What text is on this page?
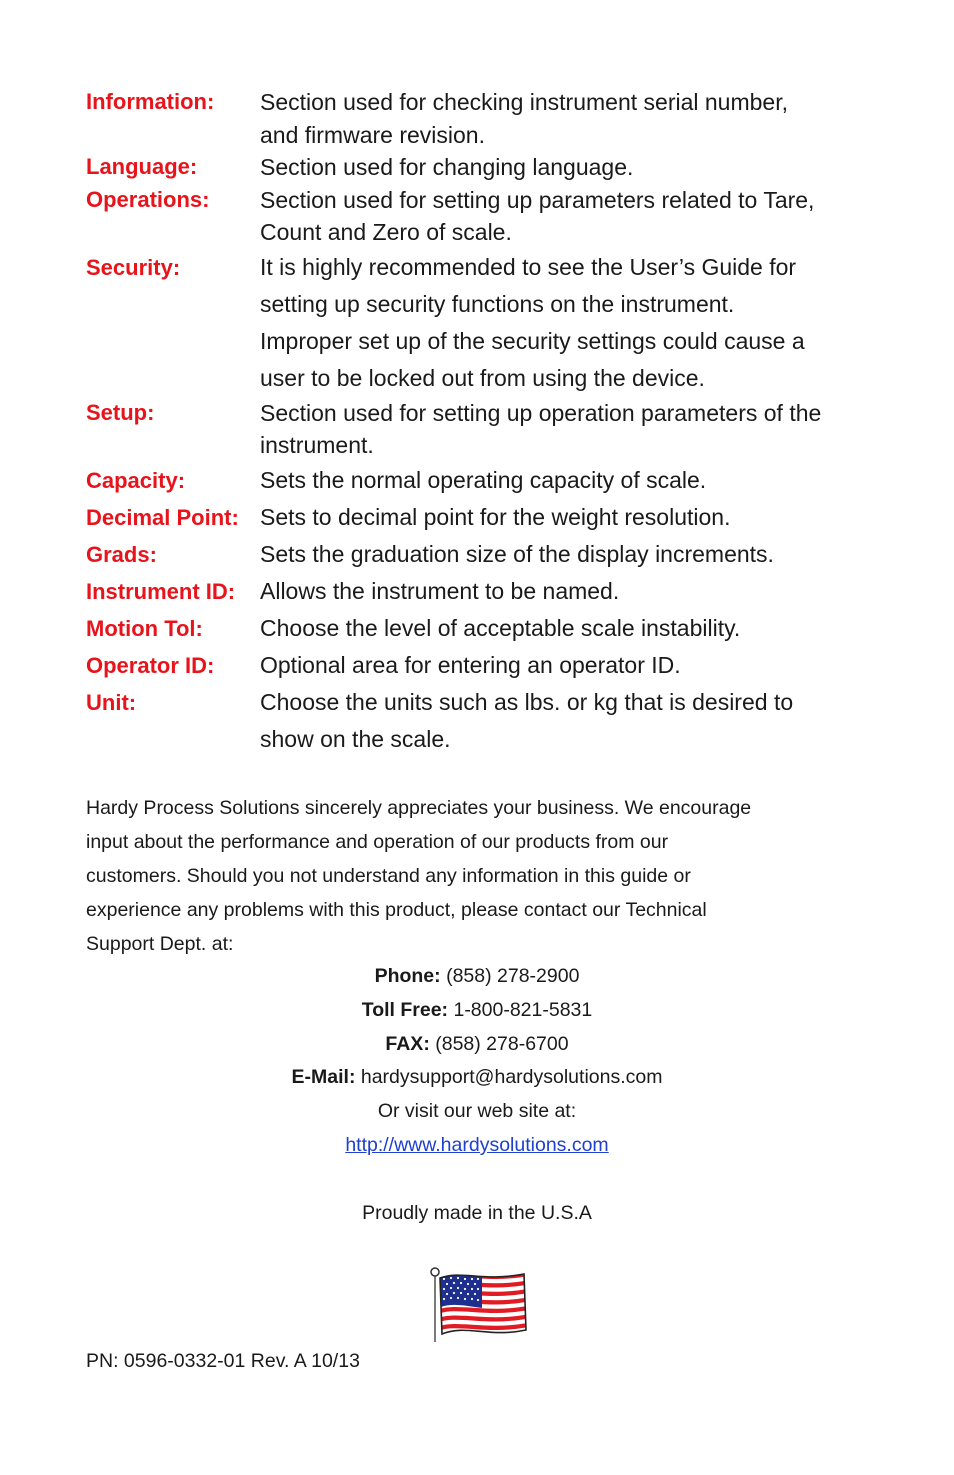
Information:	Section used for checking instrument serial number,
and firmware revision.
Language:	Section used for changing language.
Operations:	Section used for setting up parameters related to Tare,
Count and Zero of scale.
Security:	It is highly recommended to see the User’s Guide for
setting up security functions on the instrument.
Improper set up of the security settings could cause a
user to be locked out from using the device.
Setup:	Section used for setting up operation parameters of the
instrument.
Capacity:	Sets the normal operating capacity of scale.
Decimal Point: Sets to decimal point for the weight resolution.
Grads:	Sets the graduation size of the display increments.
Instrument ID:	Allows the instrument to be named.
Motion Tol:	Choose the level of acceptable scale instability.
Operator ID:	Optional area for entering an operator ID.
Unit:	Choose the units such as lbs. or kg that is desired to
show on the scale.
Hardy Process Solutions sincerely appreciates your business. We encourage
input about the performance and operation of our products from our
customers. Should you not understand any information in this guide or
experience any problems with this product, please contact our Technical
Support Dept. at:
Phone: (858) 278-2900
Toll Free: 1-800-821-5831
FAX: (858) 278-6700
E-Mail: hardysupport@hardysolutions.com
Or visit our web site at:
http://www.hardysolutions.com
Proudly made in the U.S.A
PN: 0596-0332-01 Rev. A 10/13
